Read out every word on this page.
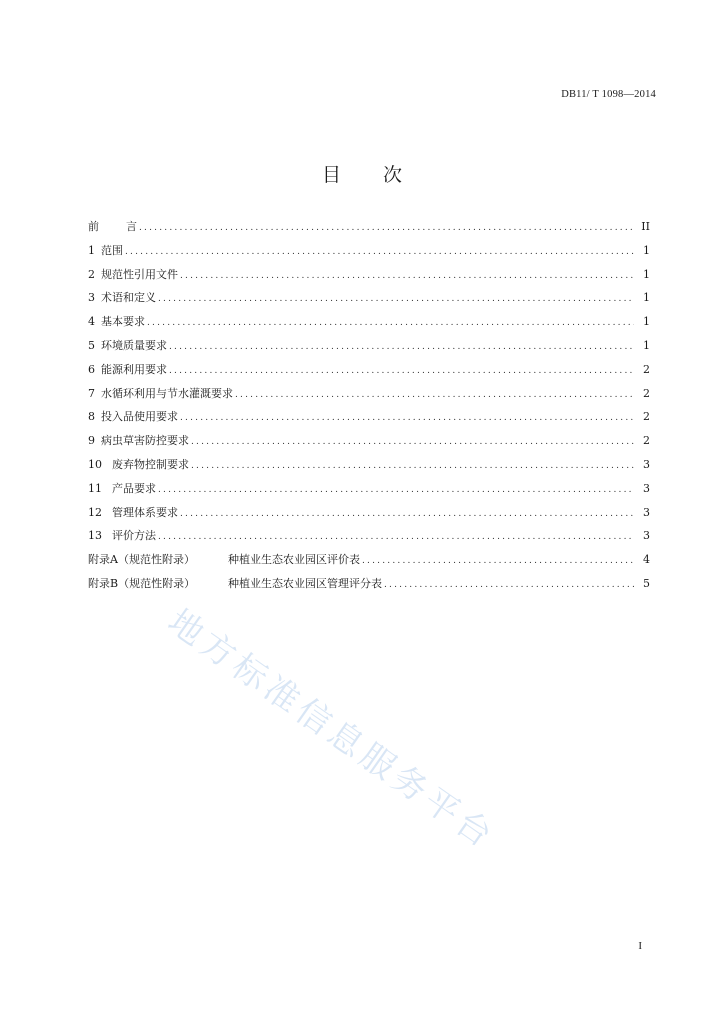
DB11/ T 1098—2014
目 次
前	言 .....	II
1 范围 .....	1
2 规范性引用文件 .....	1
3 术语和定义 .....	1
4 基本要求 .....	1
5 环境质量要求 .....	1
6 能源利用要求 .....	2
7 水循环利用与节水灌溉要求 .....	2
8 投入品使用要求 .....	2
9 病虫草害防控要求 .....	2
10 废弃物控制要求 .....	3
11 产品要求 .....	3
12 管理体系要求 .....	3
13 评价方法 .....	3
附录A（规范性附录）	种植业生态农业园区评价表 .....	4
附录B（规范性附录）	种植业生态农业园区管理评分表 .....	5
地方标准信息服务平台
I
